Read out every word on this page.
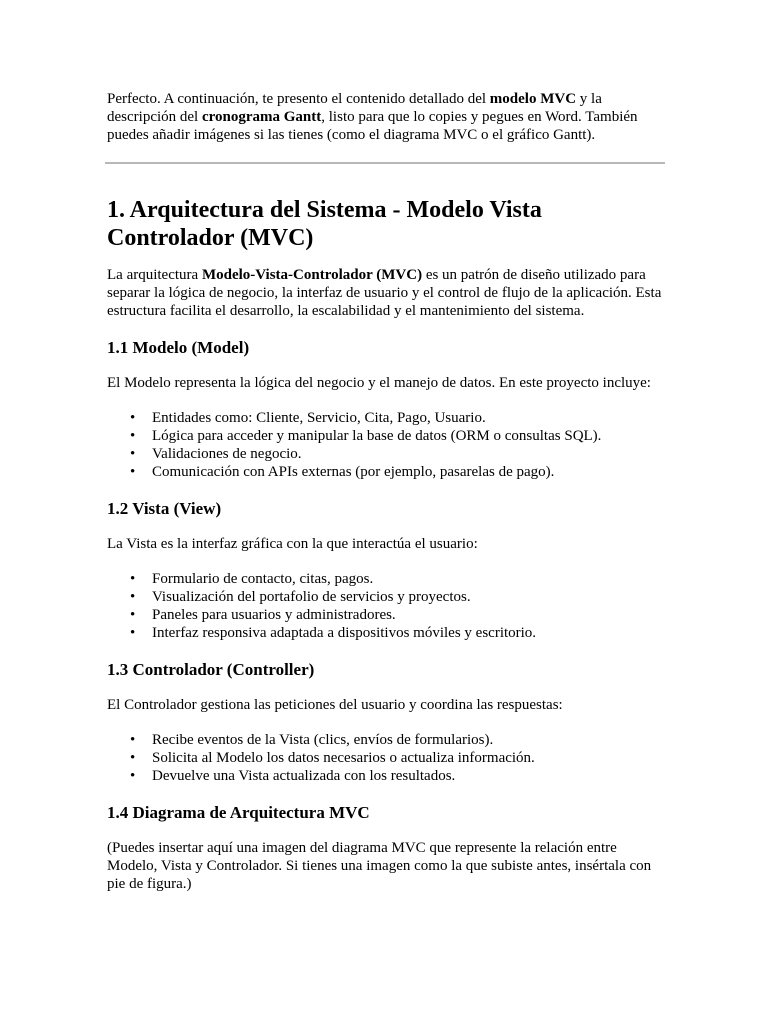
Perfecto. A continuación, te presento el contenido detallado del modelo MVC y la descripción del cronograma Gantt, listo para que lo copies y pegues en Word. También puedes añadir imágenes si las tienes (como el diagrama MVC o el gráfico Gantt).

1. Arquitectura del Sistema - Modelo Vista Controlador (MVC)

La arquitectura Modelo-Vista-Controlador (MVC) es un patrón de diseño utilizado para separar la lógica de negocio, la interfaz de usuario y el control de flujo de la aplicación. Esta estructura facilita el desarrollo, la escalabilidad y el mantenimiento del sistema.

1.1 Modelo (Model)

El Modelo representa la lógica del negocio y el manejo de datos. En este proyecto incluye:

• Entidades como: Cliente, Servicio, Cita, Pago, Usuario.
• Lógica para acceder y manipular la base de datos (ORM o consultas SQL).
• Validaciones de negocio.
• Comunicación con APIs externas (por ejemplo, pasarelas de pago).
1.2 Vista (View)

La Vista es la interfaz gráfica con la que interactúa el usuario:

• Formulario de contacto, citas, pagos.
• Visualización del portafolio de servicios y proyectos.
• Paneles para usuarios y administradores.
• Interfaz responsiva adaptada a dispositivos móviles y escritorio.
1.3 Controlador (Controller)

El Controlador gestiona las peticiones del usuario y coordina las respuestas:

• Recibe eventos de la Vista (clics, envíos de formularios).
• Solicita al Modelo los datos necesarios o actualiza información.
• Devuelve una Vista actualizada con los resultados.
1.4 Diagrama de Arquitectura MVC

(Puedes insertar aquí una imagen del diagrama MVC que represente la relación entre Modelo, Vista y Controlador. Si tienes una imagen como la que subiste antes, insértala con pie de figura.)
